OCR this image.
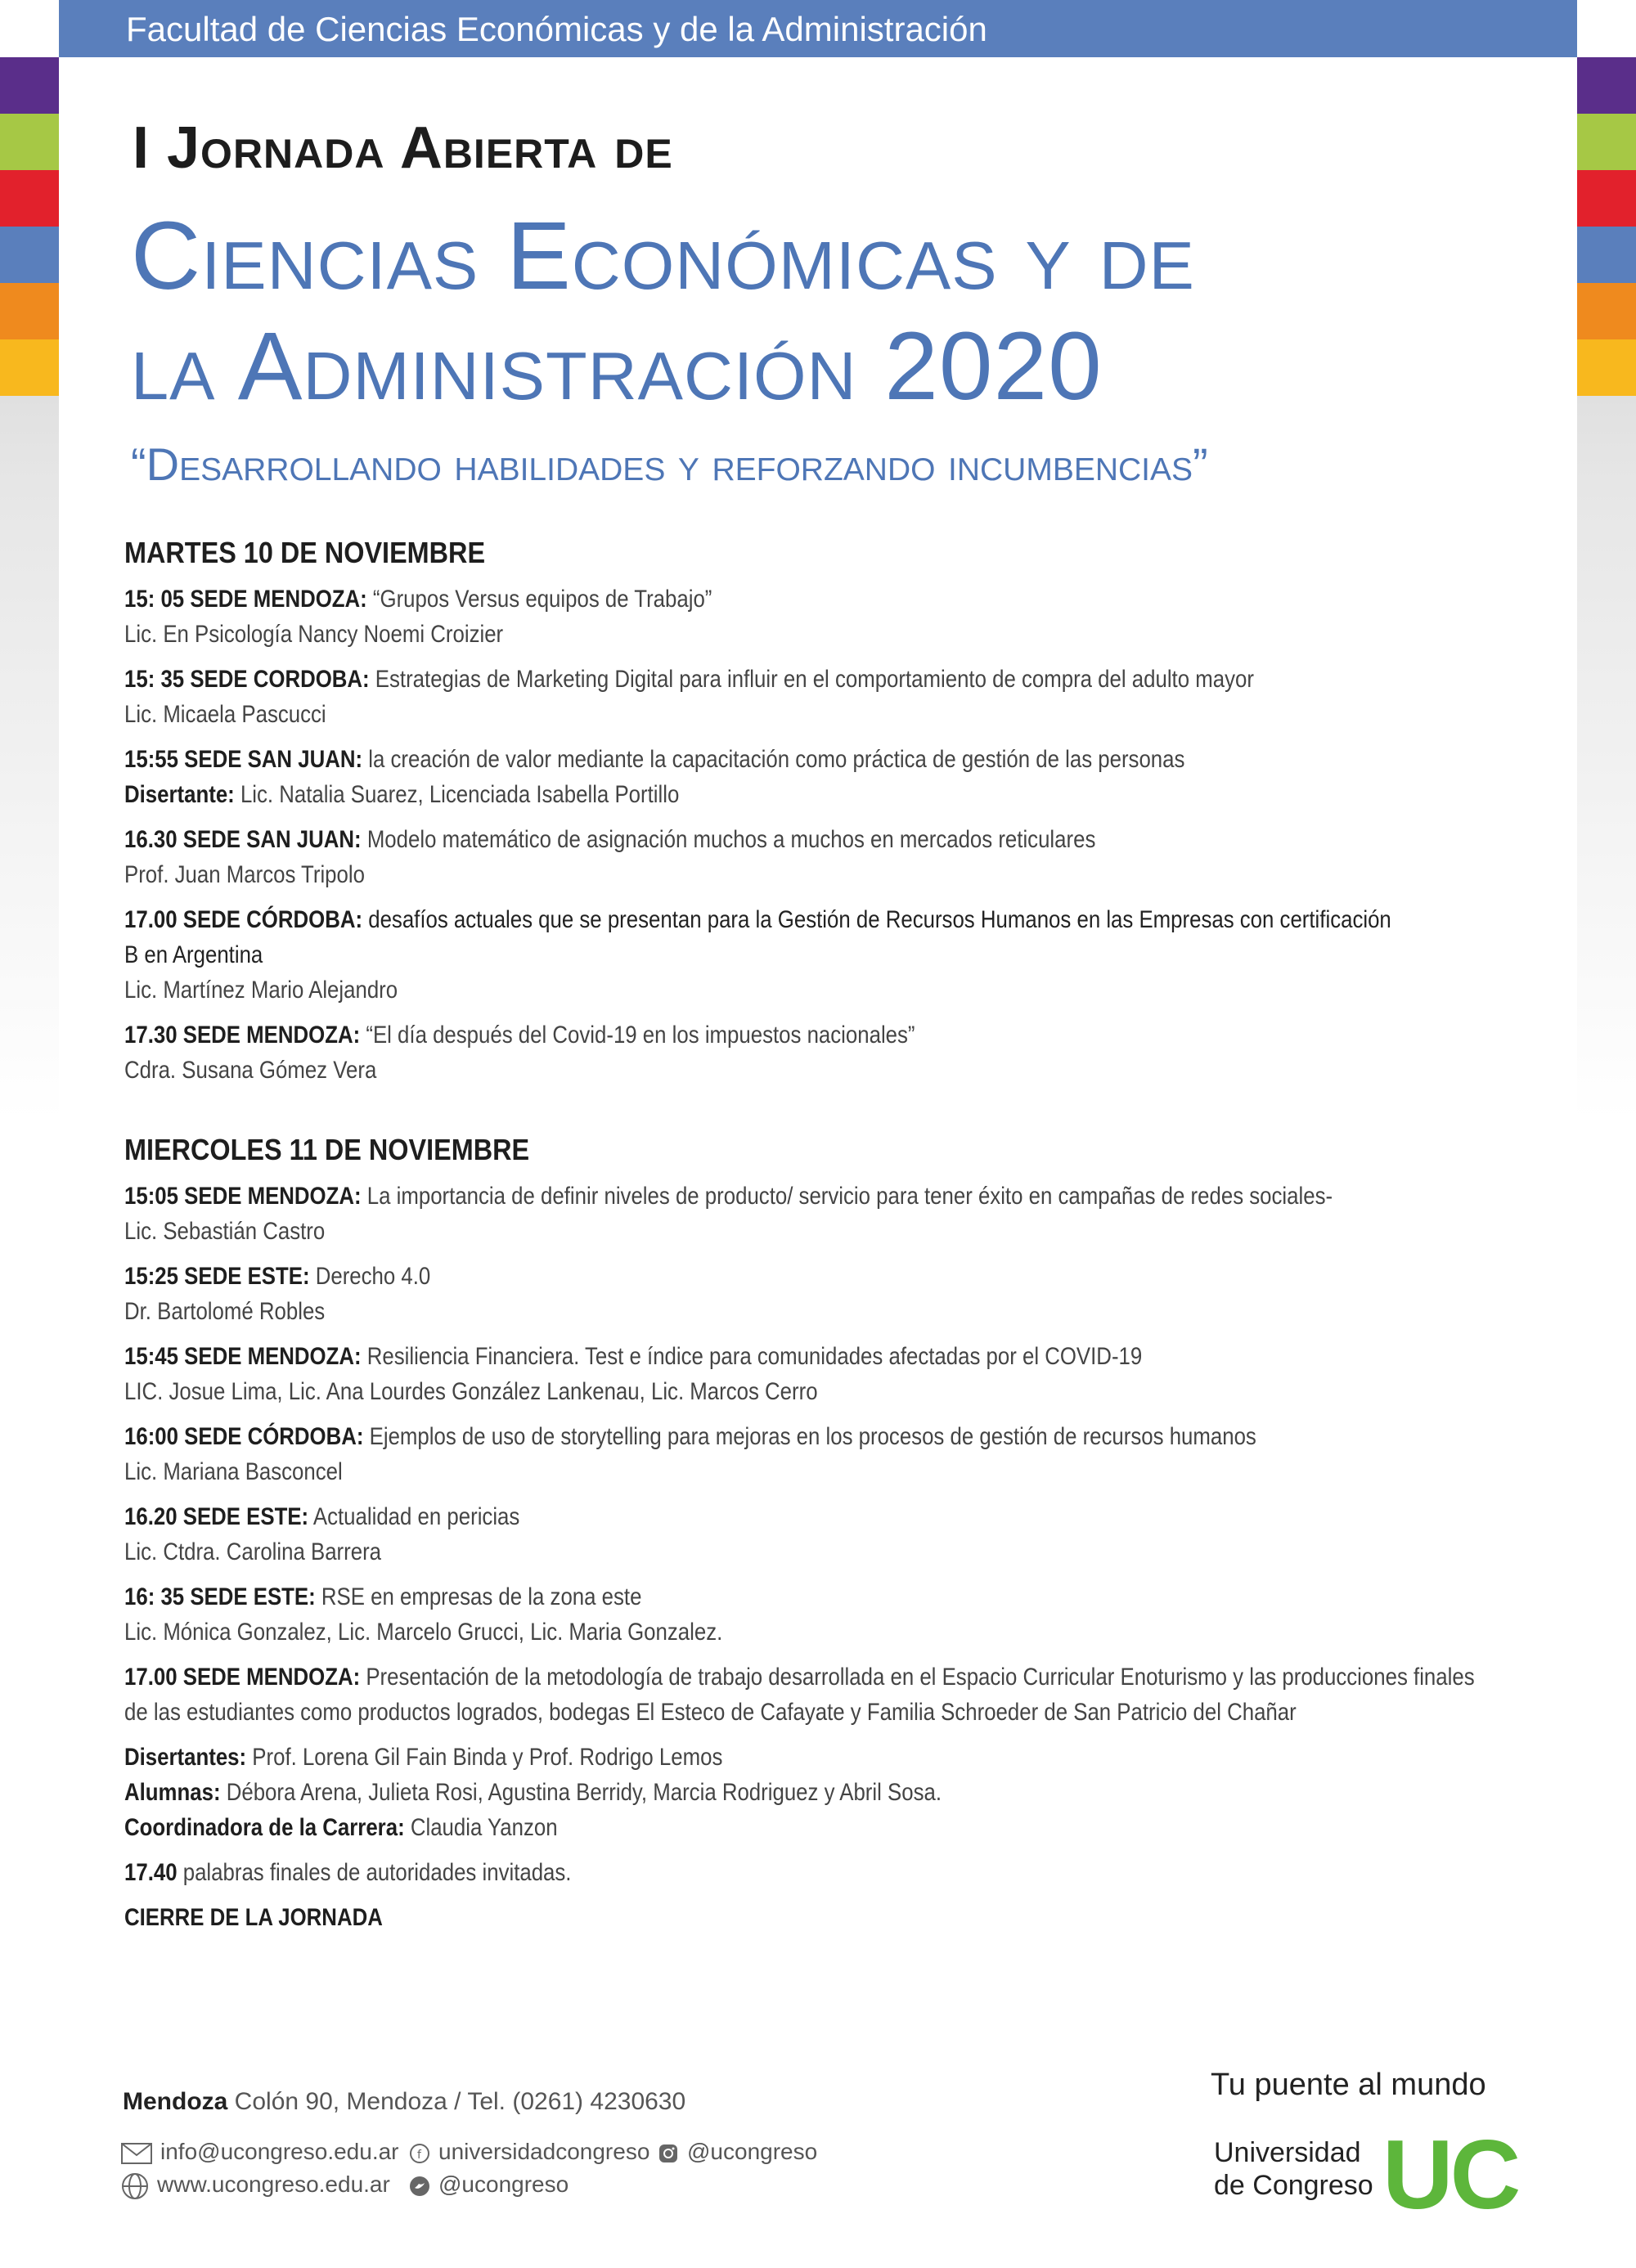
Facultad de Ciencias Económicas y de la Administración
I Jornada Abierta de
Ciencias Económicas y de
la Administración 2020
“Desarrollando habilidades y reforzando incumbencias”
MARTES 10 DE NOVIEMBRE
15: 05 SEDE MENDOZA: “Grupos Versus equipos de Trabajo”
Lic. En Psicología Nancy Noemi Croizier
15: 35 SEDE CORDOBA: Estrategias de Marketing Digital para influir en el comportamiento de compra del adulto mayor
Lic. Micaela Pascucci
15:55 SEDE SAN JUAN: la creación de valor mediante la capacitación como práctica de gestión de las personas
Disertante: Lic. Natalia Suarez, Licenciada Isabella Portillo
16.30 SEDE SAN JUAN: Modelo matemático de asignación muchos a muchos en mercados reticulares
Prof. Juan Marcos Tripolo
17.00 SEDE CÓRDOBA: desafíos actuales que se presentan para la Gestión de Recursos Humanos en las Empresas con certificación
B en Argentina
Lic. Martínez Mario Alejandro
17.30 SEDE MENDOZA: “El día después del Covid-19 en los impuestos nacionales”
Cdra. Susana Gómez Vera
MIERCOLES 11 DE NOVIEMBRE
15:05 SEDE MENDOZA: La importancia de definir niveles de producto/ servicio para tener éxito en campañas de redes sociales-
Lic. Sebastián Castro
15:25 SEDE ESTE: Derecho 4.0
Dr. Bartolomé Robles
15:45 SEDE MENDOZA: Resiliencia Financiera. Test e índice para comunidades afectadas por el COVID-19
LIC. Josue Lima, Lic. Ana Lourdes González Lankenau, Lic. Marcos Cerro
16:00 SEDE CÓRDOBA: Ejemplos de uso de storytelling para mejoras en los procesos de gestión de recursos humanos
Lic. Mariana Basconcel
16.20 SEDE ESTE: Actualidad en pericias
Lic. Ctdra. Carolina Barrera
16: 35 SEDE ESTE: RSE en empresas de la zona este
Lic. Mónica Gonzalez, Lic. Marcelo Grucci, Lic. Maria Gonzalez.
17.00 SEDE MENDOZA: Presentación de la metodología de trabajo desarrollada en el Espacio Curricular Enoturismo y las producciones finales
de las estudiantes como productos logrados, bodegas El Esteco de Cafayate y Familia Schroeder de San Patricio del Chañar
Disertantes: Prof. Lorena Gil Fain Binda y Prof. Rodrigo Lemos
Alumnas: Débora Arena, Julieta Rosi, Agustina Berridy, Marcia Rodriguez y Abril Sosa.
Coordinadora de la Carrera: Claudia Yanzon
17.40 palabras finales de autoridades invitadas.
CIERRE DE LA JORNADA
Mendoza Colón 90, Mendoza / Tel. (0261) 4230630
info@ucongreso.edu.ar
www.ucongreso.edu.ar
f universidadcongreso
@ucongreso
@ucongreso
Tu puente al mundo
Universidad
de Congreso UC
